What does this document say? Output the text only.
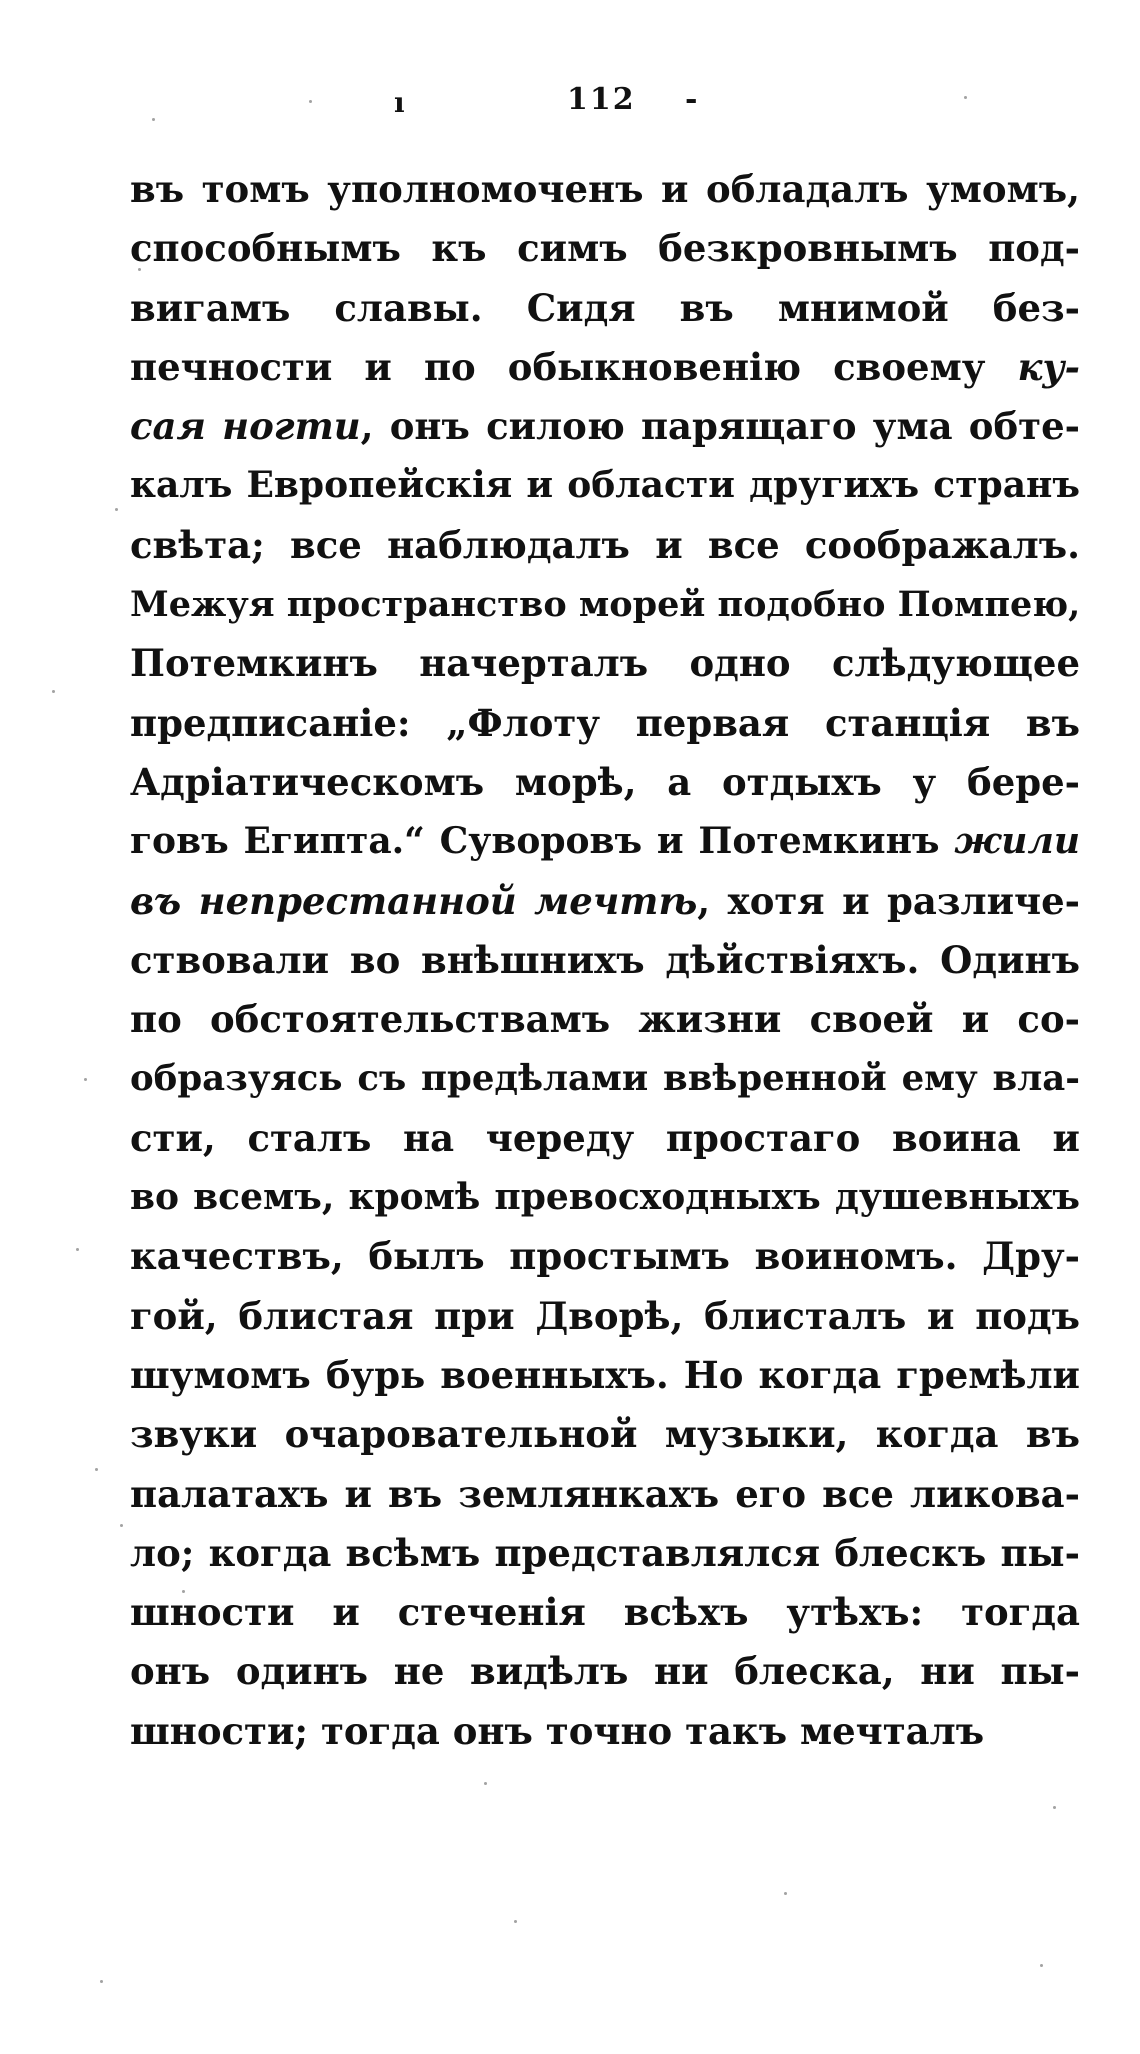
ı	112 -
въ томъ уполномоченъ и обладалъ умомъ,
способнымъ къ симъ безкровнымъ под-
вигамъ славы. Сидя въ мнимой без-
печности и по обыкновенію своему ку-
сая ногти, онъ силою парящаго ума обте-
калъ Европейскія и области другихъ странъ
свѣта; все наблюдалъ и все соображалъ.
Межуя пространство морей подобно Помпею,
Потемкинъ начерталъ одно слѣдующее
предписаніе: „Флоту первая станція въ
Адріатическомъ морѣ, а отдыхъ у бере-
говъ Египта.“ Суворовъ и Потемкинъ жили
въ непрестанной мечтѣ, хотя и различе-
ствовали во внѣшнихъ дѣйствіяхъ. Одинъ
по обстоятельствамъ жизни своей и со-
образуясь съ предѣлами ввѣренной ему вла-
сти, сталъ на череду простаго воина и
во всемъ, кромѣ превосходныхъ душевныхъ
качествъ, былъ простымъ воиномъ. Дру-
гой, блистая при Дворѣ, блисталъ и подъ
шумомъ бурь военныхъ. Но когда гремѣли
звуки очаровательной музыки, когда въ
палатахъ и въ землянкахъ его все ликова-
ло; когда всѣмъ представлялся блескъ пы-
шности и стеченія всѣхъ утѣхъ: тогда
онъ одинъ не видѣлъ ни блеска, ни пы-
шности; тогда онъ точно такъ мечталъ
